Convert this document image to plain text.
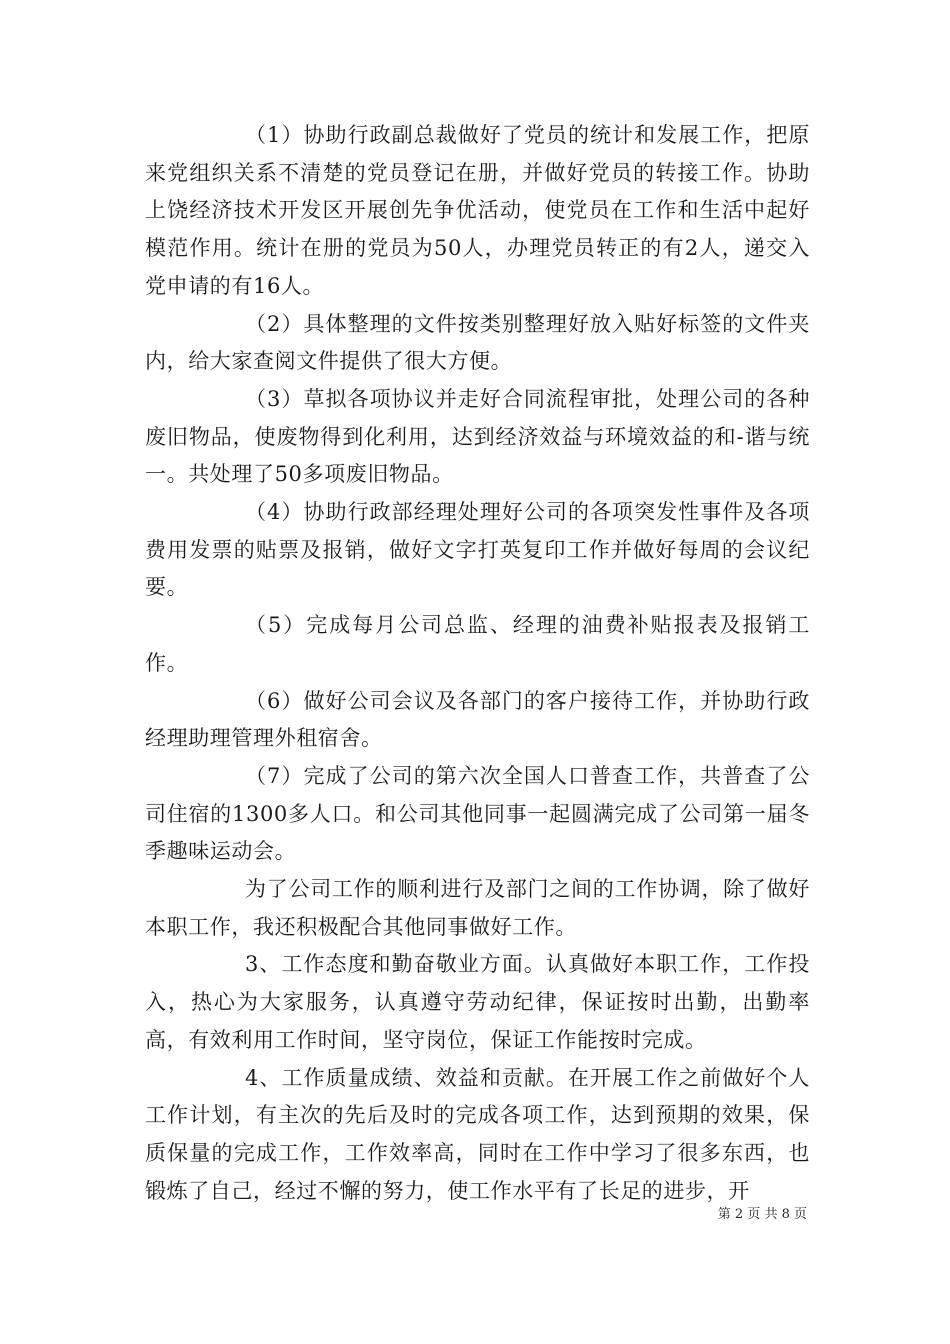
（1）协助行政副总裁做好了党员的统计和发展工作，把原来党组织关系不清楚的党员登记在册，并做好党员的转接工作。协助上饶经济技术开发区开展创先争优活动，使党员在工作和生活中起好模范作用。统计在册的党员为50人，办理党员转正的有2人，递交入党申请的有16人。

（2）具体整理的文件按类别整理好放入贴好标签的文件夹内，给大家查阅文件提供了很大方便。

（3）草拟各项协议并走好合同流程审批，处理公司的各种废旧物品，使废物得到化利用，达到经济效益与环境效益的和-谐与统一。共处理了50多项废旧物品。

（4）协助行政部经理处理好公司的各项突发性事件及各项费用发票的贴票及报销，做好文字打英复印工作并做好每周的会议纪要。

（5）完成每月公司总监、经理的油费补贴报表及报销工作。

（6）做好公司会议及各部门的客户接待工作，并协助行政经理助理管理外租宿舍。

（7）完成了公司的第六次全国人口普查工作，共普查了公司住宿的1300多人口。和公司其他同事一起圆满完成了公司第一届冬季趣味运动会。

为了公司工作的顺利进行及部门之间的工作协调，除了做好本职工作，我还积极配合其他同事做好工作。

3、工作态度和勤奋敬业方面。认真做好本职工作，工作投入，热心为大家服务，认真遵守劳动纪律，保证按时出勤，出勤率高，有效利用工作时间，坚守岗位，保证工作能按时完成。

4、工作质量成绩、效益和贡献。在开展工作之前做好个人工作计划，有主次的先后及时的完成各项工作，达到预期的效果，保质保量的完成工作，工作效率高，同时在工作中学习了很多东西，也锻炼了自己，经过不懈的努力，使工作水平有了长足的进步，开

第 2 页 共 8 页
